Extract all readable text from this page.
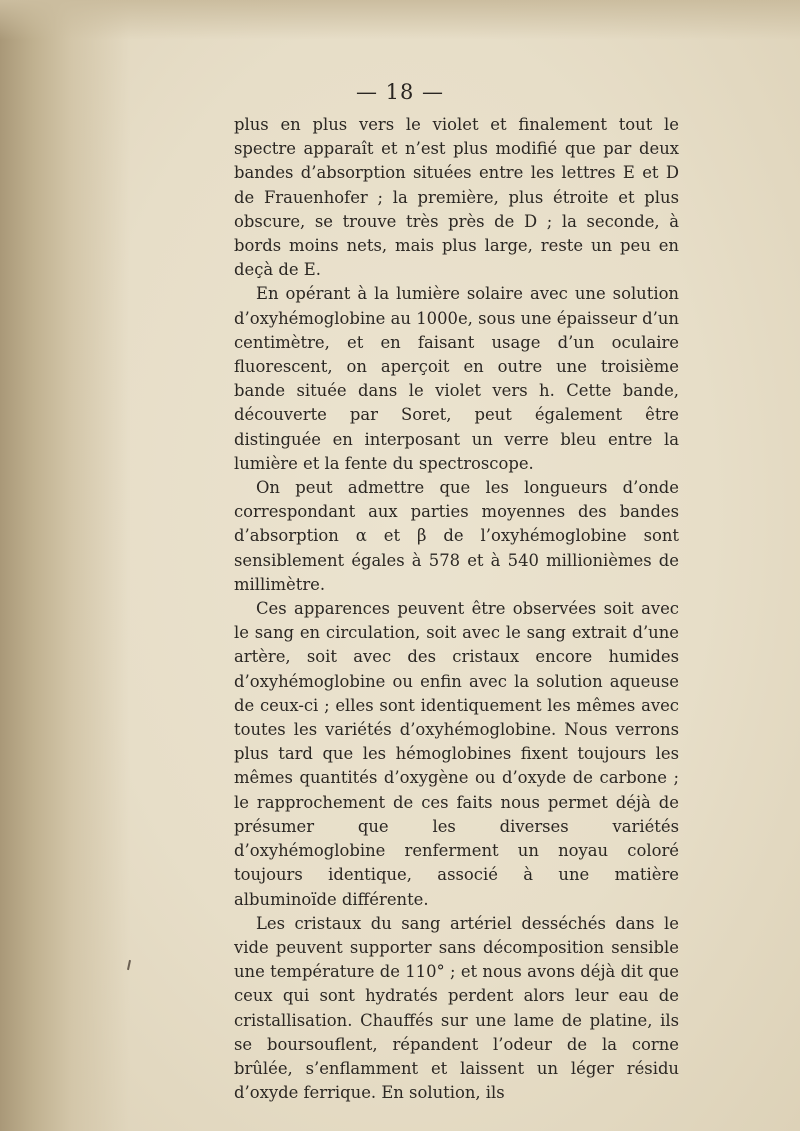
— 18 —

plus en plus vers le violet et finalement tout le spectre apparaît et n’est plus modifié que par deux bandes d’absorption situées entre les lettres E et D de Frauenhofer ; la première, plus étroite et plus obscure, se trouve très près de D ; la seconde, à bords moins nets, mais plus large, reste un peu en deçà de E.

En opérant à la lumière solaire avec une solution d’oxyhémoglobine au 1000e, sous une épaisseur d’un centimètre, et en faisant usage d’un oculaire fluorescent, on aperçoit en outre une troisième bande située dans le violet vers h. Cette bande, découverte par Soret, peut également être distinguée en interposant un verre bleu entre la lumière et la fente du spectroscope.

On peut admettre que les longueurs d’onde correspondant aux parties moyennes des bandes d’absorption α et β de l’oxyhémoglobine sont sensiblement égales à 578 et à 540 millionièmes de millimètre.

Ces apparences peuvent être observées soit avec le sang en circulation, soit avec le sang extrait d’une artère, soit avec des cristaux encore humides d’oxyhémoglobine ou enfin avec la solution aqueuse de ceux-ci ; elles sont identiquement les mêmes avec toutes les variétés d’oxyhémoglobine. Nous verrons plus tard que les hémoglobines fixent toujours les mêmes quantités d’oxygène ou d’oxyde de carbone ; le rapprochement de ces faits nous permet déjà de présumer que les diverses variétés d’oxyhémoglobine renferment un noyau coloré toujours identique, associé à une matière albuminoïde différente.

Les cristaux du sang artériel desséchés dans le vide peuvent supporter sans décomposition sensible une température de 110° ; et nous avons déjà dit que ceux qui sont hydratés perdent alors leur eau de cristallisation. Chauffés sur une lame de platine, ils se boursouflent, répandent l’odeur de la corne brûlée, s’enflamment et laissent un léger résidu d’oxyde ferrique. En solution, ils
